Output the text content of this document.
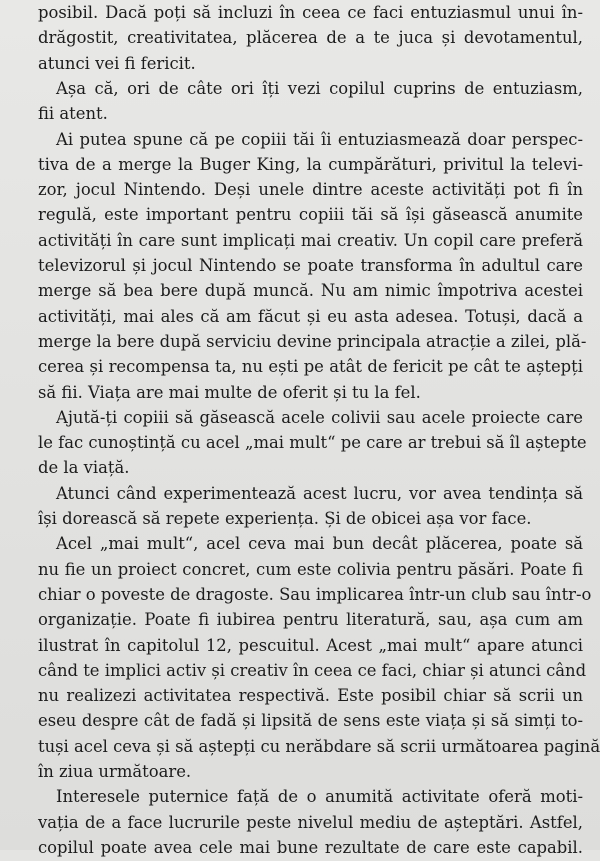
posibil. Dacă poți să incluzi în ceea ce faci entuziasmul unui în-
drăgostit, creativitatea, plăcerea de a te juca și devotamentul,
atunci vei fi fericit.
Așa că, ori de câte ori îți vezi copilul cuprins de entuziasm,
fii atent.
Ai putea spune că pe copiii tăi îi entuziasmează doar perspec-
tiva de a merge la Buger King, la cumpărături, privitul la televi-
zor, jocul Nintendo. Deși unele dintre aceste activități pot fi în
regulă, este important pentru copiii tăi să își găsească anumite
activități în care sunt implicați mai creativ. Un copil care preferă
televizorul și jocul Nintendo se poate transforma în adultul care
merge să bea bere după muncă. Nu am nimic împotriva acestei
activități, mai ales că am făcut și eu asta adesea. Totuși, dacă a
merge la bere după serviciu devine principala atracție a zilei, plă-
cerea și recompensa ta, nu ești pe atât de fericit pe cât te aștepți
să fii. Viața are mai multe de oferit și tu la fel.
Ajută-ți copiii să găsească acele colivii sau acele proiecte care
le fac cunoștință cu acel „mai mult“ pe care ar trebui să îl aștepte
de la viață.
Atunci când experimentează acest lucru, vor avea tendința să
își dorească să repete experiența. Și de obicei așa vor face.
Acel „mai mult“, acel ceva mai bun decât plăcerea, poate să
nu fie un proiect concret, cum este colivia pentru păsări. Poate fi
chiar o poveste de dragoste. Sau implicarea într-un club sau într-o
organizație. Poate fi iubirea pentru literatură, sau, așa cum am
ilustrat în capitolul 12, pescuitul. Acest „mai mult“ apare atunci
când te implici activ și creativ în ceea ce faci, chiar și atunci când
nu realizezi activitatea respectivă. Este posibil chiar să scrii un
eseu despre cât de fadă și lipsită de sens este viața și să simți to-
tuși acel ceva și să aștepți cu nerăbdare să scrii următoarea pagină
în ziua următoare.
Interesele puternice față de o anumită activitate oferă moti-
vația de a face lucrurile peste nivelul mediu de așteptări. Astfel,
copilul poate avea cele mai bune rezultate de care este capabil.
